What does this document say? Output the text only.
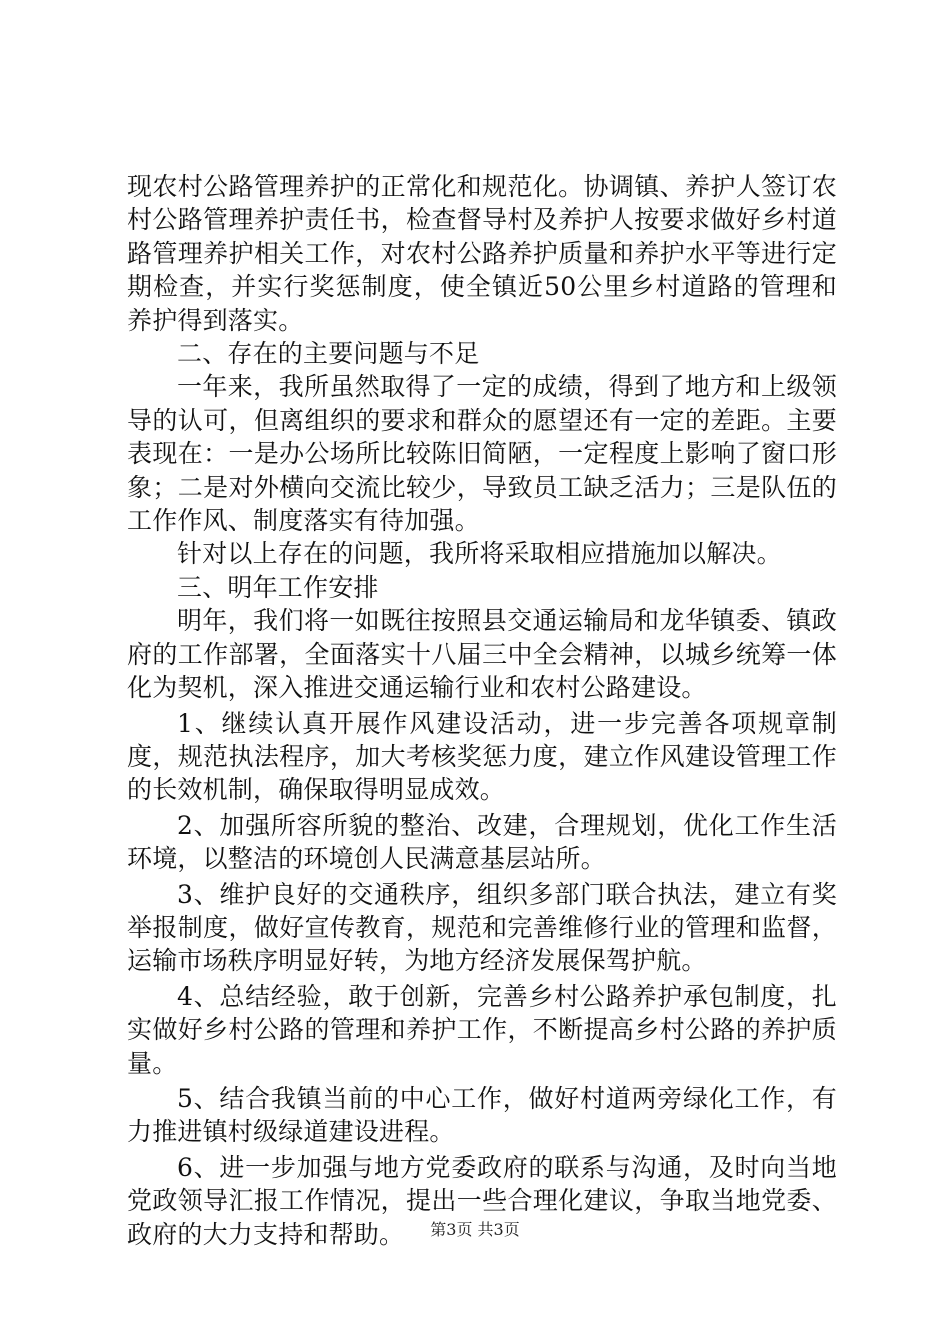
现农村公路管理养护的正常化和规范化。协调镇、养护人签订农村公路管理养护责任书，检查督导村及养护人按要求做好乡村道路管理养护相关工作，对农村公路养护质量和养护水平等进行定期检查，并实行奖惩制度，使全镇近50公里乡村道路的管理和养护得到落实。

二、存在的主要问题与不足

一年来，我所虽然取得了一定的成绩，得到了地方和上级领导的认可，但离组织的要求和群众的愿望还有一定的差距。主要表现在：一是办公场所比较陈旧简陋，一定程度上影响了窗口形象；二是对外横向交流比较少，导致员工缺乏活力；三是队伍的工作作风、制度落实有待加强。

针对以上存在的问题，我所将采取相应措施加以解决。

三、明年工作安排

明年，我们将一如既往按照县交通运输局和龙华镇委、镇政府的工作部署，全面落实十八届三中全会精神，以城乡统筹一体化为契机，深入推进交通运输行业和农村公路建设。

1、继续认真开展作风建设活动，进一步完善各项规章制度，规范执法程序，加大考核奖惩力度，建立作风建设管理工作的长效机制，确保取得明显成效。

2、加强所容所貌的整治、改建，合理规划，优化工作生活环境，以整洁的环境创人民满意基层站所。

3、维护良好的交通秩序，组织多部门联合执法，建立有奖举报制度，做好宣传教育，规范和完善维修行业的管理和监督，运输市场秩序明显好转，为地方经济发展保驾护航。

4、总结经验，敢于创新，完善乡村公路养护承包制度，扎实做好乡村公路的管理和养护工作，不断提高乡村公路的养护质量。

5、结合我镇当前的中心工作，做好村道两旁绿化工作，有力推进镇村级绿道建设进程。

6、进一步加强与地方党委政府的联系与沟通，及时向当地党政领导汇报工作情况，提出一些合理化建议，争取当地党委、政府的大力支持和帮助。	第3页 共3页
